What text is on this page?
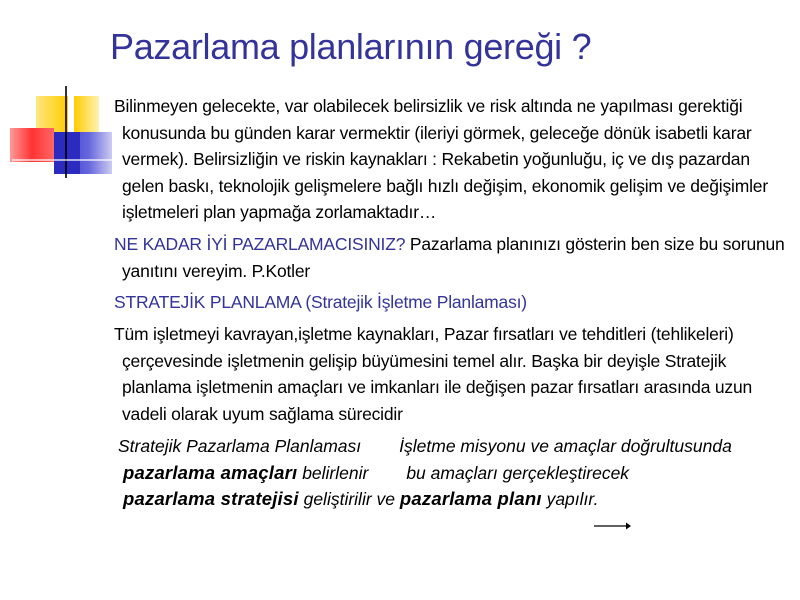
Pazarlama planlarının gereği ?
Bilinmeyen gelecekte, var olabilecek belirsizlik ve risk altında ne yapılması gerektiği konusunda bu günden karar vermektir (ileriyi görmek, geleceğe dönük isabetli karar vermek). Belirsizliğin ve riskin kaynakları : Rekabetin yoğunluğu, iç ve dış pazardan gelen baskı, teknolojik gelişmelere bağlı hızlı değişim, ekonomik gelişim ve değişimler işletmeleri plan yapmağa zorlamaktadır…
NE KADAR İYİ PAZARLAMACISINIZ? Pazarlama planınızı gösterin ben size bu sorunun yanıtını vereyim. P.Kotler
STRATEJİK PLANLAMA (Stratejik İşletme Planlaması)
Tüm işletmeyi kavrayan,işletme kaynakları, Pazar fırsatları ve tehditleri (tehlikeleri) çerçevesinde işletmenin gelişip büyümesini temel alır. Başka bir deyişle Stratejik planlama işletmenin amaçları ve imkanları ile değişen pazar fırsatları arasında uzun vadeli olarak uyum sağlama sürecidir
Stratejik Pazarlama Planlaması İşletme misyonu ve amaçlar doğrultusunda
pazarlama amaçları belirlenir bu amaçları gerçekleştirecek
pazarlama stratejisi geliştirilir ve pazarlama planı yapılır.
